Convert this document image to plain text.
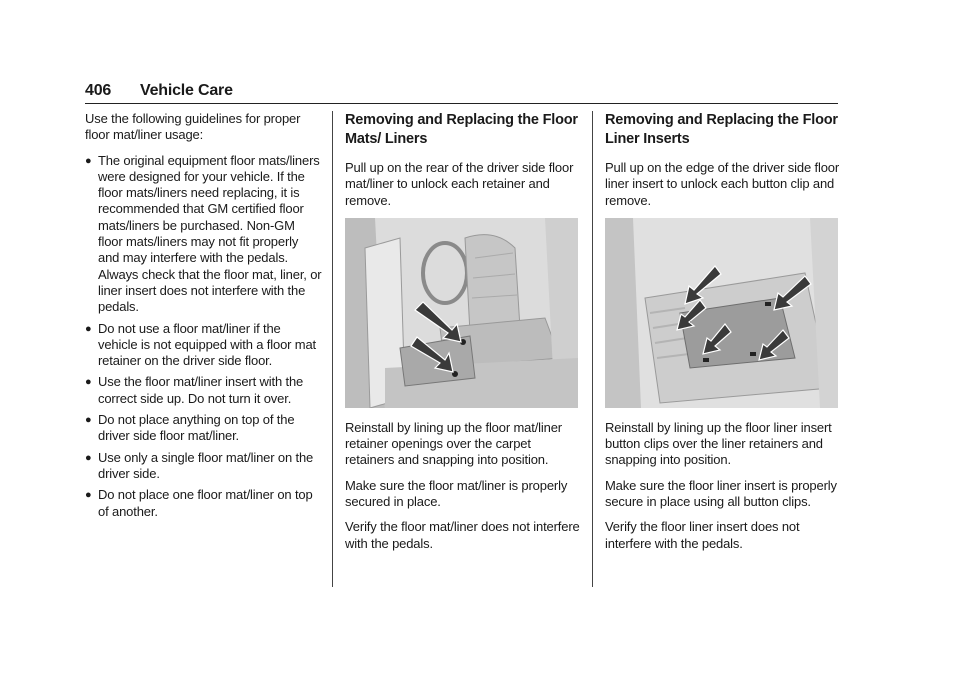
406 Vehicle Care

Use the following guidelines for proper floor mat/liner usage:

● The original equipment floor mats/liners were designed for your vehicle. If the floor mats/liners need replacing, it is recommended that GM certified floor mats/liners be purchased. Non-GM floor mats/liners may not fit properly and may interfere with the pedals. Always check that the floor mat, liner, or liner insert does not interfere with the pedals.
● Do not use a floor mat/liner if the vehicle is not equipped with a floor mat retainer on the driver side floor.
● Use the floor mat/liner insert with the correct side up. Do not turn it over.
● Do not place anything on top of the driver side floor mat/liner.
● Use only a single floor mat/liner on the driver side.
● Do not place one floor mat/liner on top of another.
Removing and Replacing the Floor Mats/ Liners

Pull up on the rear of the driver side floor mat/liner to unlock each retainer and remove.

Reinstall by lining up the floor mat/liner retainer openings over the carpet retainers and snapping into position.

Make sure the floor mat/liner is properly secured in place.

Verify the floor mat/liner does not interfere with the pedals.

Removing and Replacing the Floor Liner Inserts

Pull up on the edge of the driver side floor liner insert to unlock each button clip and remove.

Reinstall by lining up the floor liner insert button clips over the liner retainers and snapping into position.

Make sure the floor liner insert is properly secure in place using all button clips.

Verify the floor liner insert does not interfere with the pedals.
